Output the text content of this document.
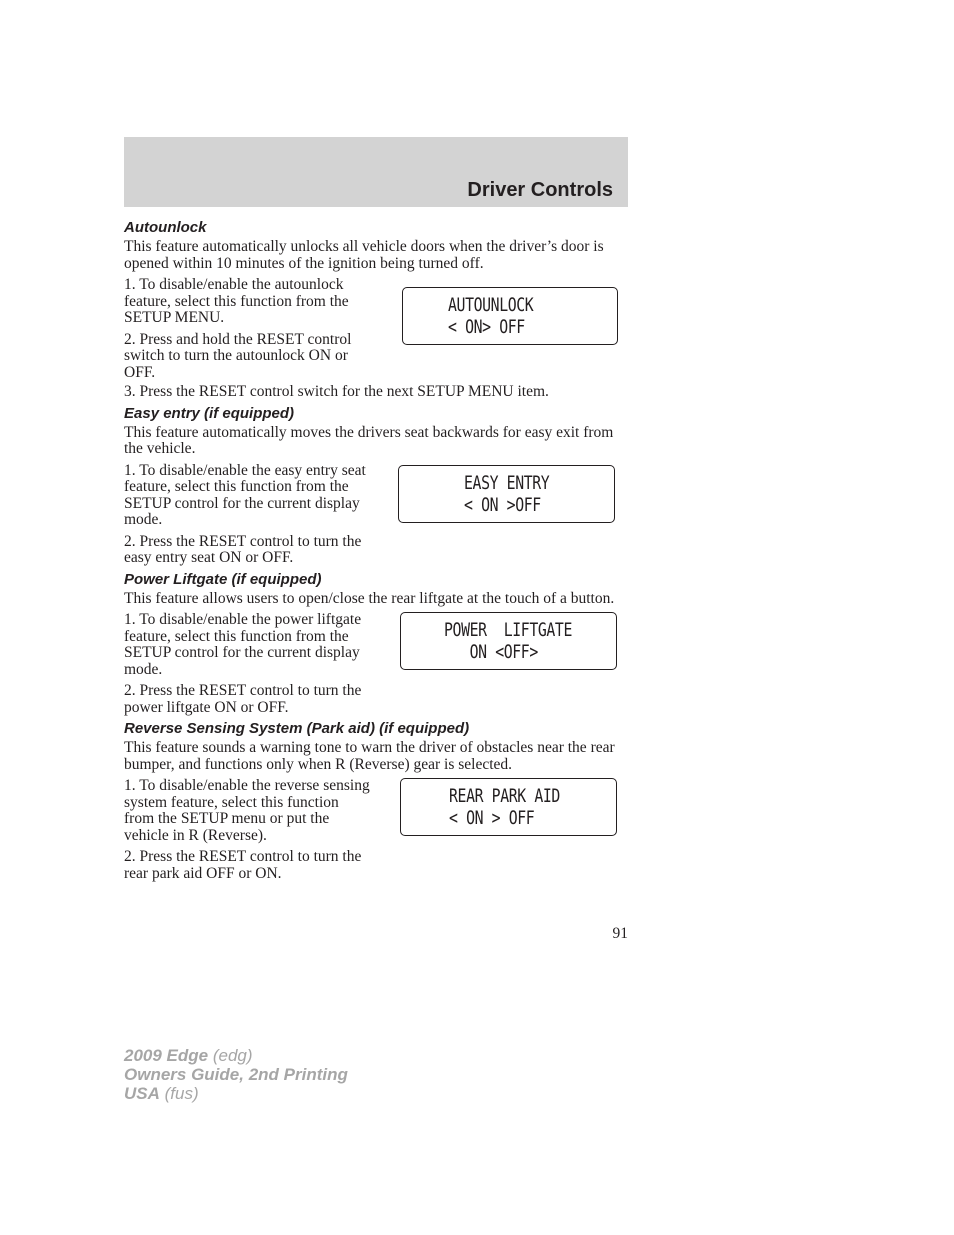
Driver Controls
Autounlock

This feature automatically unlocks all vehicle doors when the driver’s door is opened within 10 minutes of the ignition being turned off.

1. To disable/enable the autounlock feature, select this function from the SETUP MENU.

2. Press and hold the RESET control switch to turn the autounlock ON or OFF.

AUTOUNLOCK
< ON> OFF

3. Press the RESET control switch for the next SETUP MENU item.

Easy entry (if equipped)

This feature automatically moves the drivers seat backwards for easy exit from the vehicle.

1. To disable/enable the easy entry seat feature, select this function from the SETUP control for the current display mode.

2. Press the RESET control to turn the easy entry seat ON or OFF.

EASY ENTRY
< ON >OFF
Power Liftgate (if equipped)

This feature allows users to open/close the rear liftgate at the touch of a button.

1. To disable/enable the power liftgate feature, select this function from the SETUP control for the current display mode.

2. Press the RESET control to turn the power liftgate ON or OFF.

POWER  LIFTGATE
ON <OFF>
Reverse Sensing System (Park aid) (if equipped)

This feature sounds a warning tone to warn the driver of obstacles near the rear bumper, and functions only when R (Reverse) gear is selected.

1. To disable/enable the reverse sensing system feature, select this function from the SETUP menu or put the vehicle in R (Reverse).

2. Press the RESET control to turn the rear park aid OFF or ON.

REAR PARK AID
< ON > OFF
91
2009 Edge (edg)
Owners Guide, 2nd Printing
USA (fus)
